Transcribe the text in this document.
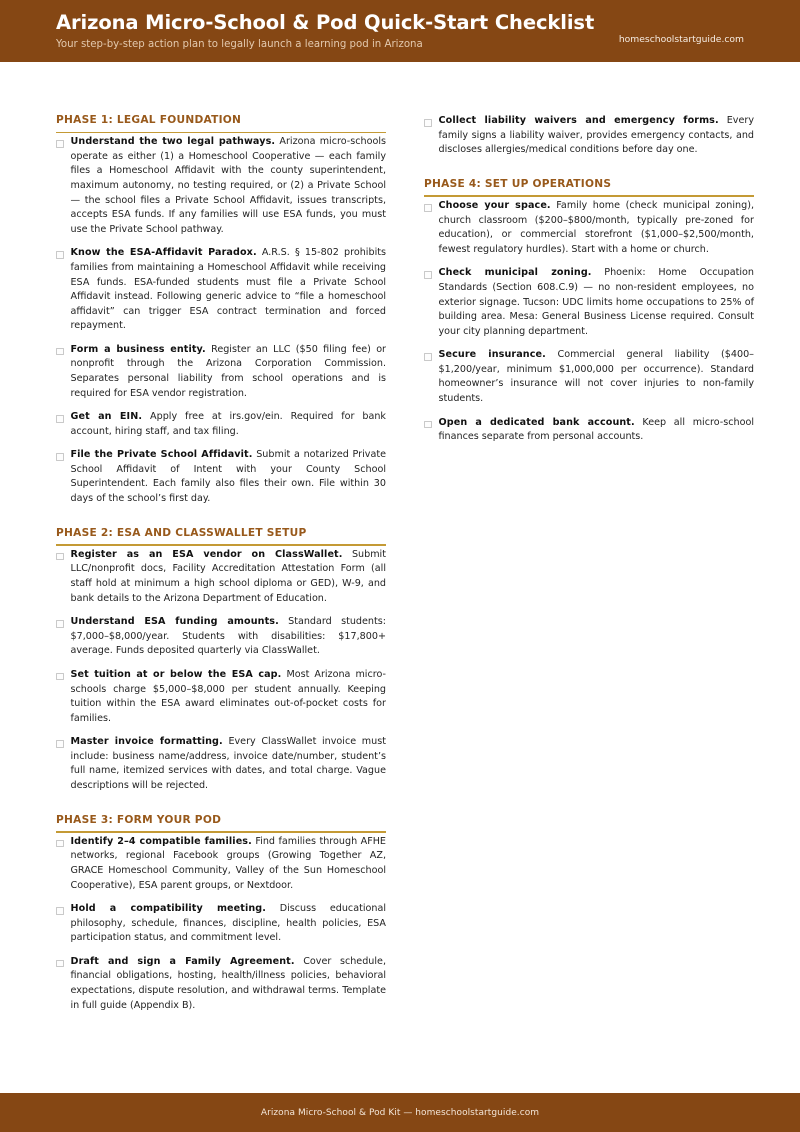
Arizona Micro-School & Pod Quick-Start Checklist

Your step-by-step action plan to legally launch a learning pod in Arizona	homeschoolstartguide.com
PHASE 1: LEGAL FOUNDATION
Understand the two legal pathways. Arizona micro-schools operate as either (1) a Homeschool Cooperative — each family files a Homeschool Affidavit with the county superintendent, maximum autonomy, no testing required, or (2) a Private School — the school files a Private School Affidavit, issues transcripts, accepts ESA funds. If any families will use ESA funds, you must use the Private School pathway.
Know the ESA-Affidavit Paradox. A.R.S. § 15-802 prohibits families from maintaining a Homeschool Affidavit while receiving ESA funds. ESA-funded students must file a Private School Affidavit instead. Following generic advice to “file a homeschool affidavit” can trigger ESA contract termination and forced repayment.
Form a business entity. Register an LLC ($50 filing fee) or nonprofit through the Arizona Corporation Commission. Separates personal liability from school operations and is required for ESA vendor registration.
Get an EIN. Apply free at irs.gov/ein. Required for bank account, hiring staff, and tax filing.
File the Private School Affidavit. Submit a notarized Private School Affidavit of Intent with your County School Superintendent. Each family also files their own. File within 30 days of the school’s first day.
PHASE 2: ESA AND CLASSWALLET SETUP
Register as an ESA vendor on ClassWallet. Submit LLC/nonprofit docs, Facility Accreditation Attestation Form (all staff hold at minimum a high school diploma or GED), W-9, and bank details to the Arizona Department of Education.
Understand ESA funding amounts. Standard students: $7,000–$8,000/year. Students with disabilities: $17,800+ average. Funds deposited quarterly via ClassWallet.
Set tuition at or below the ESA cap. Most Arizona micro-schools charge $5,000–$8,000 per student annually. Keeping tuition within the ESA award eliminates out-of-pocket costs for families.
Master invoice formatting. Every ClassWallet invoice must include: business name/address, invoice date/number, student’s full name, itemized services with dates, and total charge. Vague descriptions will be rejected.
PHASE 3: FORM YOUR POD
Identify 2–4 compatible families. Find families through AFHE networks, regional Facebook groups (Growing Together AZ, GRACE Homeschool Community, Valley of the Sun Homeschool Cooperative), ESA parent groups, or Nextdoor.
Hold a compatibility meeting. Discuss educational philosophy, schedule, finances, discipline, health policies, ESA participation status, and commitment level.
Draft and sign a Family Agreement. Cover schedule, financial obligations, hosting, health/illness policies, behavioral expectations, dispute resolution, and withdrawal terms. Template in full guide (Appendix B).
Collect liability waivers and emergency forms. Every family signs a liability waiver, provides emergency contacts, and discloses allergies/medical conditions before day one.
PHASE 4: SET UP OPERATIONS
Choose your space. Family home (check municipal zoning), church classroom ($200–$800/month, typically pre-zoned for education), or commercial storefront ($1,000–$2,500/month, fewest regulatory hurdles). Start with a home or church.
Check municipal zoning. Phoenix: Home Occupation Standards (Section 608.C.9) — no non-resident employees, no exterior signage. Tucson: UDC limits home occupations to 25% of building area. Mesa: General Business License required. Consult your city planning department.
Secure insurance. Commercial general liability ($400–$1,200/year, minimum $1,000,000 per occurrence). Standard homeowner’s insurance will not cover injuries to non-family students.
Open a dedicated bank account. Keep all micro-school finances separate from personal accounts.
Arizona Micro-School & Pod Kit — homeschoolstartguide.com
